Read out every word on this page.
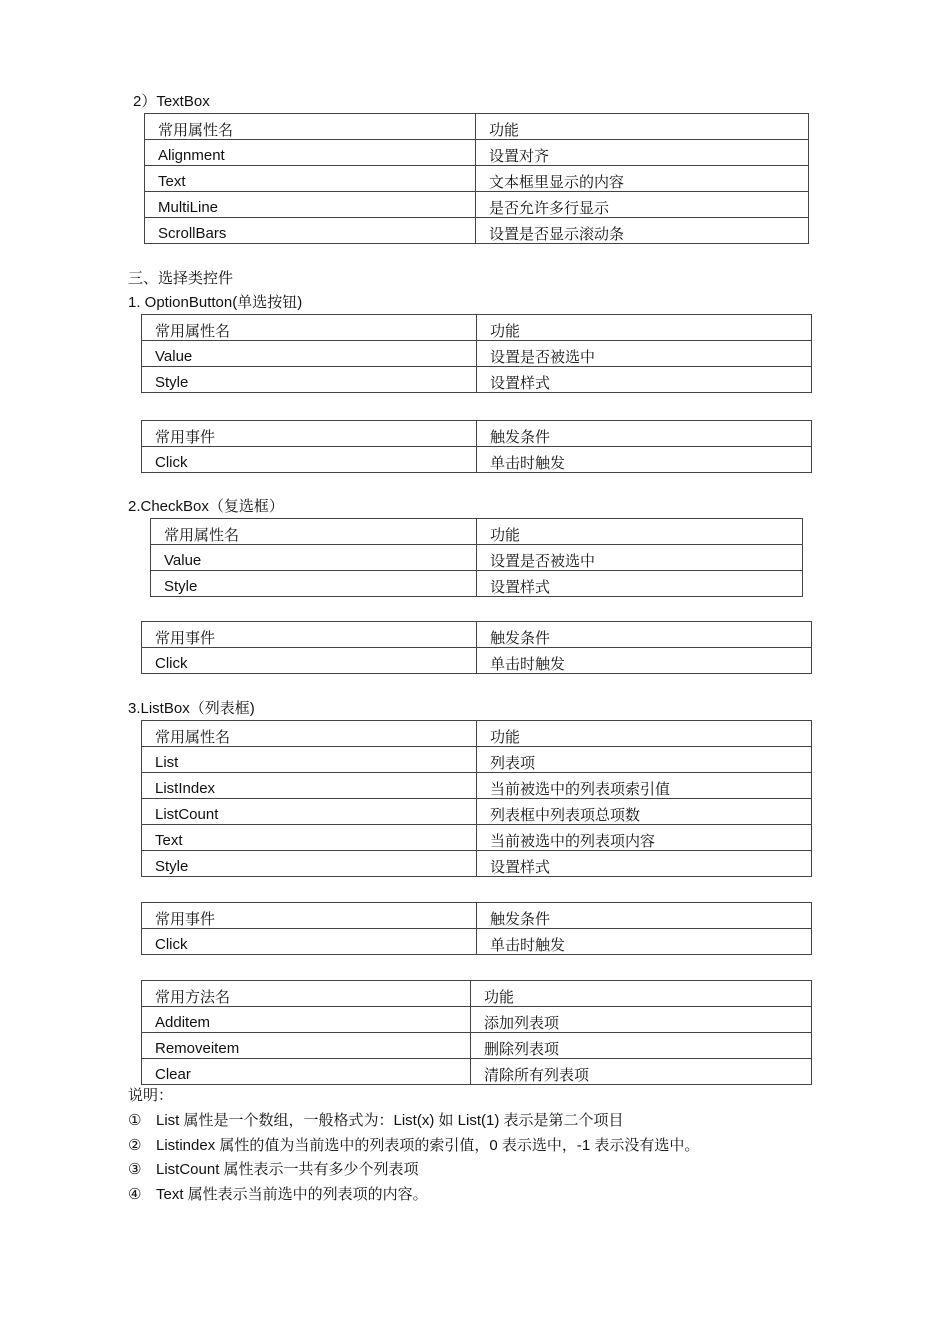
2）TextBox
常用属性名	功能
Alignment	设置对齐
Text	文本框里显示的内容
MultiLine	是否允许多行显示
ScrollBars	设置是否显示滚动条
三、选择类控件
1. OptionButton(单选按钮)
常用属性名	功能
Value	设置是否被选中
Style	设置样式
常用事件	触发条件
Click	单击时触发
2.CheckBox（复选框）
常用属性名	功能
Value	设置是否被选中
Style	设置样式
常用事件	触发条件
Click	单击时触发
3.ListBox（列表框)
常用属性名	功能
List	列表项
ListIndex	当前被选中的列表项索引值
ListCount	列表框中列表项总项数
Text	当前被选中的列表项内容
Style	设置样式
常用事件	触发条件
Click	单击时触发
常用方法名	功能
Additem	添加列表项
Removeitem	删除列表项
Clear	清除所有列表项
说明：
① List 属性是一个数组，一般格式为：List(x) 如 List(1) 表示是第二个项目
② Listindex 属性的值为当前选中的列表项的索引值，0 表示选中，-1 表示没有选中。
③ ListCount 属性表示一共有多少个列表项
④ Text 属性表示当前选中的列表项的内容。
